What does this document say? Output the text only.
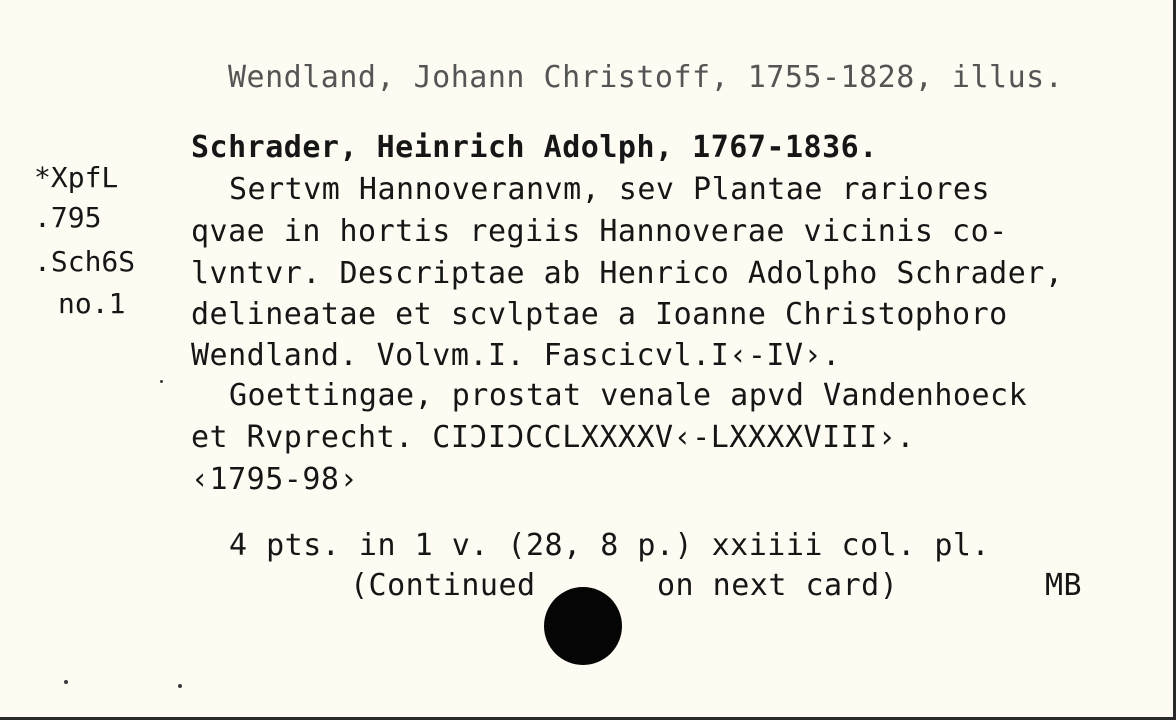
Wendland, Johann Christoff, 1755-1828, illus.
*XpfL
.795
.Sch6S
no.1
Schrader, Heinrich Adolph, 1767-1836.
Sertvm Hannoveranvm, sev Plantae rariores
qvae in hortis regiis Hannoverae vicinis co-
lvntvr. Descriptae ab Henrico Adolpho Schrader,
delineatae et scvlptae a Ioanne Christophoro
Wendland. Volvm.I. Fascicvl.I‹-IV›.
Goettingae, prostat venale apvd Vandenhoeck
et Rvprecht. CIƆIƆCCLXXXXV‹-LXXXXVIII›.
‹1795-98›
4 pts. in 1 v. (28, 8 p.) xxiiii col. pl.
(Continued	on next card)	MB
